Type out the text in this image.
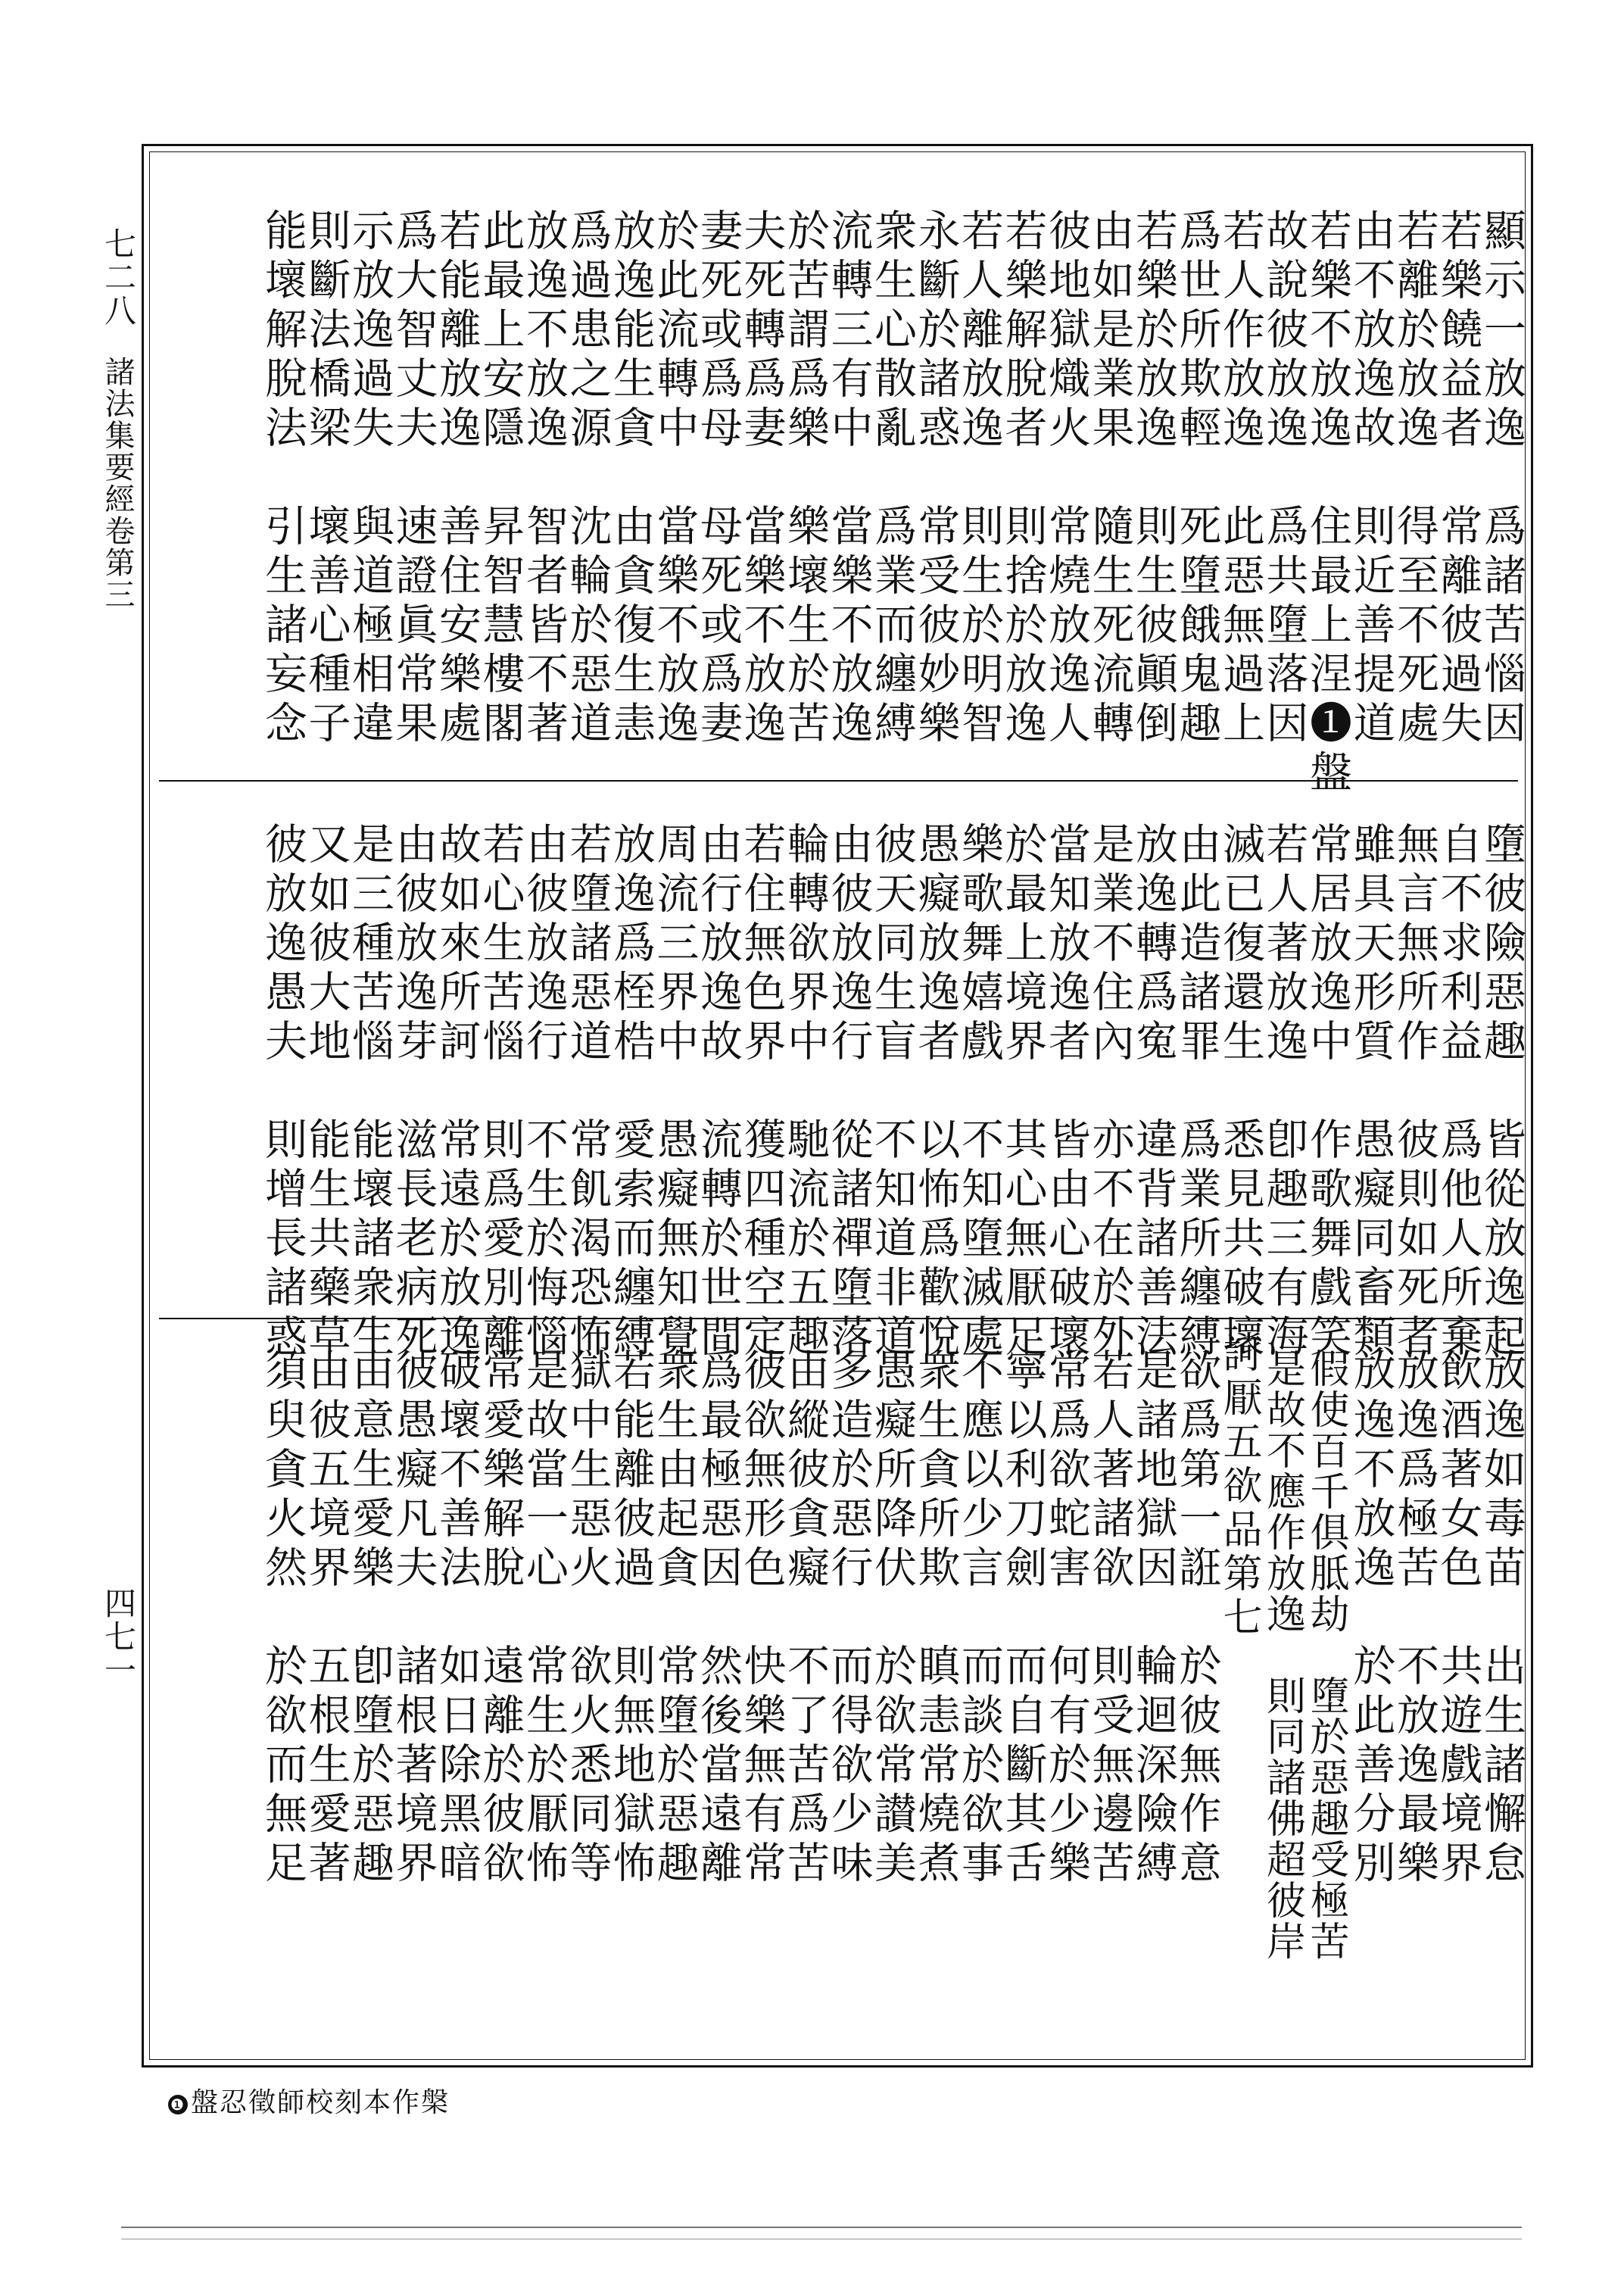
七二八
諸法集要經卷第三
四七一
顯示一放逸　爲諸苦惱因
若樂饒益者　常離彼過失
若離於放逸　得至不死處
由不放逸故　則近善提道
若樂不放逸　住最上涅❶盤
故說彼放逸　爲共墮落因
若人作放逸　此惡無過上
爲世所欺輕　死墮餓鬼趣
若樂於放逸　則生彼顚倒
由如是業果　隨生死流轉
彼地獄熾火　常燒放逸人
若樂解脫者　則捨於放逸
若人離放逸　則生於明智
永斷於諸惑　常受彼妙樂
衆生心散亂　爲業而纏縛
流轉三有中　當樂不放逸
於苦謂爲樂　樂壞生於苦
夫死轉爲妻　當樂不放逸
妻死或爲母　母死或爲妻
於此流轉中　當樂不放逸
放逸能生貪　由貪復生恚
爲過患之源　沈輪於惡道
放逸不放逸　智者皆不著
此最上安隱　昇智慧樓閣
若能離放逸　善住安樂處
爲大智丈夫　速證眞常果
示放逸過失　與道極相違
則斷法橋梁　壞善心種子
能壞解脫法　引生諸妄念
墮彼險惡趣　皆從放逸起
自不求利益　爲他人所棄
無言無所作　彼則如死者
雖具天形質　愚癡同畜類
常居放逸中　作歌舞戲笑
若人著放逸　卽趣三有海
滅已復還生　悉見共破壞
由此造諸罪　爲業所纏縛
放逸轉爲寃　違背諸善法
是業不住內　亦不在於外
當知放逸者　皆由心破壞
於最上境界　其心無厭足
樂歌舞嬉戲　不知墮滅處
愚癡放逸者　以怖爲歡悅
彼天同生盲　不知道非道
由彼放逸行　從諸禪墮落
輪轉欲界中　馳流於五趣
若住無色界　獲四種空定
由行放逸故　流轉於世間
周流三界中　愚癡無知覺
放逸爲桎梏　愛索而纏縛
若墮諸惡道　常飢渴恐怖
由彼放逸行　不生於悔惱
若心生苦惱　則爲愛別離
故如來所訶　常遠於放逸
由彼放逸芽　滋長老病死
是三種苦惱　能壞諸衆生
又如彼大地　能生共藥草
彼放逸愚夫　則增長諸惑
放逸如毒苗　出生諸懈怠
飲酒著女色　共遊戲境界
放逸爲極苦　不放逸最樂
放逸不放逸　於此善分別
假使百千俱胝劫　墮於惡趣受極苦
是故不應作放逸　則同諸佛超彼岸
訶厭五欲品第七
欲爲第一誑　於彼無作意
是諸地獄因　輪迴深險縛
若人著諸欲　則受無邊苦
常爲欲蛇害　何有於少樂
寧以利刀劍　而自斷其舌
不應以少言　而談於欲事
衆生貪所欺　瞋恚常燒煮
愚癡所降伏　於欲常讃美
多造於惡行　而得欲少味
由縱彼貪癡　不了苦爲苦
彼欲無形色　快樂無有常
爲最極惡因　然後當遠離
衆生由起貪　常墮於惡趣
若能離彼過　則無地獄怖
獄中生惡火　欲火悉同等
是故當一心　常生於厭怖
常愛樂解脫　遠離於彼欲
破壞不善法　如日除黑暗
彼愚癡凡夫　諸根著境界
由意生愛樂　卽墮於惡趣
由彼五境界　五根生愛著
須臾貪火然　於欲而無足
❶ 盤忍徵師校刻本作槃
